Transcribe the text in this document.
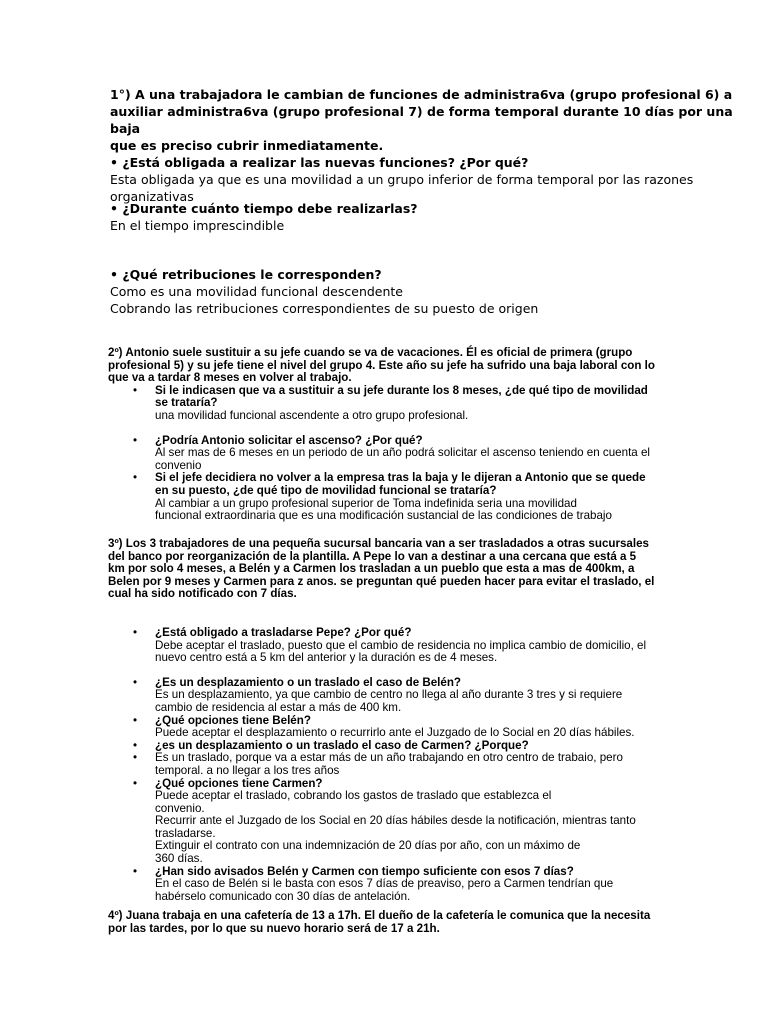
1°) A una trabajadora le cambian de funciones de administra6va (grupo profesional 6) a

auxiliar administra6va (grupo profesional 7) de forma temporal durante 10 días por una baja

que es preciso cubrir inmediatamente.

• ¿Está obligada a realizar las nuevas funciones? ¿Por qué?

Esta obligada ya que es una movilidad a un grupo inferior de forma temporal por las razones

organizativas

• ¿Durante cuánto tiempo debe realizarlas?

En el tiempo imprescindible

• ¿Qué retribuciones le corresponden?

Como es una movilidad funcional descendente

Cobrando las retribuciones correspondientes de su puesto de origen

2º) Antonio suele sustituir a su jefe cuando se va de vacaciones. Él es oficial de primera (grupo

profesional 5) y su jefe tiene el nivel del grupo 4. Este año su jefe ha sufrido una baja laboral con lo

que va a tardar 8 meses en volver al trabajo.

• Si le indicasen que va a sustituir a su jefe durante los 8 meses, ¿de qué tipo de movilidad
se trataría?
una movilidad funcional ascendente a otro grupo profesional.
• ¿Podría Antonio solicitar el ascenso? ¿Por qué?
Al ser mas de 6 meses en un periodo de un año podrá solicitar el ascenso teniendo en cuenta el
convenio
• Si el jefe decidiera no volver a la empresa tras la baja y le dijeran a Antonio que se quede
en su puesto, ¿de qué tipo de movilidad funcional se trataría?
Al cambiar a un grupo profesional superior de Toma indefinida seria una movilidad
funcional extraordinaria que es una modificación sustancial de las condiciones de trabajo

3º) Los 3 trabajadores de una pequeña sucursal bancaria van a ser trasladados a otras sucursales

del banco por reorganización de la plantilla. A Pepe lo van a destinar a una cercana que está a 5

km por solo 4 meses, a Belén y a Carmen los trasladan a un pueblo que esta a mas de 400km, a

Belen por 9 meses y Carmen para z anos. se preguntan qué pueden hacer para evitar el traslado, el

cual ha sido notificado con 7 días.

• ¿Está obligado a trasladarse Pepe? ¿Por qué?
Debe aceptar el traslado, puesto que el cambio de residencia no implica cambio de domicilio, el
nuevo centro está a 5 km del anterior y la duración es de 4 meses.
• ¿Es un desplazamiento o un traslado el caso de Belén?
Es un desplazamiento, ya que cambio de centro no llega al año durante 3 tres y si requiere
cambio de residencia al estar a más de 400 km.
• ¿Qué opciones tiene Belén?
Puede aceptar el desplazamiento o recurrirlo ante el Juzgado de lo Social en 20 días hábiles.
• ¿es un desplazamiento o un traslado el caso de Carmen? ¿Porque?
• Es un traslado, porque va a estar más de un año trabajando en otro centro de trabaio, pero
temporal. a no llegar a los tres años
• ¿Qué opciones tiene Carmen?
Puede aceptar el traslado, cobrando los gastos de traslado que establezca el
convenio.
Recurrir ante el Juzgado de los Social en 20 días hábiles desde la notificación, mientras tanto
trasladarse.
Extinguir el contrato con una indemnización de 20 días por año, con un máximo de
360 días.
• ¿Han sido avisados Belén y Carmen con tiempo suficiente con esos 7 días?
En el caso de Belén si le basta con esos 7 días de preaviso, pero a Carmen tendrían que
habérselo comunicado con 30 días de antelación.

4º) Juana trabaja en una cafetería de 13 a 17h. El dueño de la cafetería le comunica que la necesita

por las tardes, por lo que su nuevo horario será de 17 a 21h.
